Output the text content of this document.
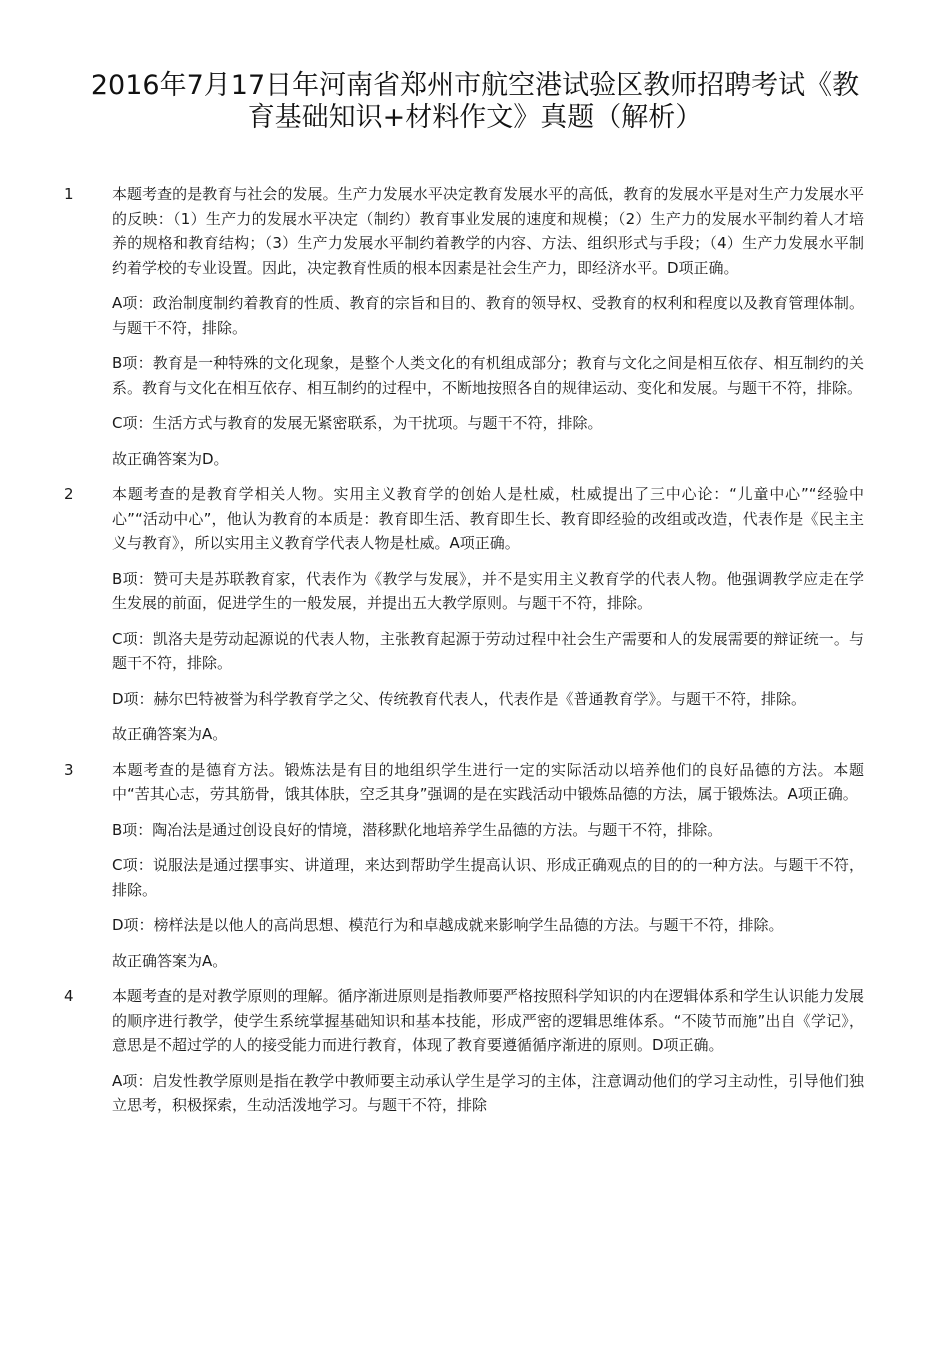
2016年7月17日年河南省郑州市航空港试验区教师招聘考试《教
育基础知识+材料作文》真题（解析）
1	本题考查的是教育与社会的发展。生产力发展水平决定教育发展水平的高低，教育的发展水平是对生产力发展水平的反映：（1）生产力的发展水平决定（制约）教育事业发展的速度和规模；（2）生产力的发展水平制约着人才培养的规格和教育结构；（3）生产力发展水平制约着教学的内容、方法、组织形式与手段；（4）生产力发展水平制约着学校的专业设置。因此，决定教育性质的根本因素是社会生产力，即经济水平。D项正确。

A项：政治制度制约着教育的性质、教育的宗旨和目的、教育的领导权、受教育的权利和程度以及教育管理体制。与题干不符，排除。

B项：教育是一种特殊的文化现象，是整个人类文化的有机组成部分；教育与文化之间是相互依存、相互制约的关系。教育与文化在相互依存、相互制约的过程中，不断地按照各自的规律运动、变化和发展。与题干不符，排除。

C项：生活方式与教育的发展无紧密联系，为干扰项。与题干不符，排除。

故正确答案为D。

2	本题考查的是教育学相关人物。实用主义教育学的创始人是杜威，杜威提出了三中心论：“儿童中心”“经验中心”“活动中心”，他认为教育的本质是：教育即生活、教育即生长、教育即经验的改组或改造，代表作是《民主主义与教育》，所以实用主义教育学代表人物是杜威。A项正确。

B项：赞可夫是苏联教育家，代表作为《教学与发展》，并不是实用主义教育学的代表人物。他强调教学应走在学生发展的前面，促进学生的一般发展，并提出五大教学原则。与题干不符，排除。

C项：凯洛夫是劳动起源说的代表人物，主张教育起源于劳动过程中社会生产需要和人的发展需要的辩证统一。与题干不符，排除。

D项：赫尔巴特被誉为科学教育学之父、传统教育代表人，代表作是《普通教育学》。与题干不符，排除。

故正确答案为A。

3	本题考查的是德育方法。锻炼法是有目的地组织学生进行一定的实际活动以培养他们的良好品德的方法。本题中“苦其心志，劳其筋骨，饿其体肤，空乏其身”强调的是在实践活动中锻炼品德的方法，属于锻炼法。A项正确。

B项：陶冶法是通过创设良好的情境，潜移默化地培养学生品德的方法。与题干不符，排除。

C项：说服法是通过摆事实、讲道理，来达到帮助学生提高认识、形成正确观点的目的的一种方法。与题干不符，排除。

D项：榜样法是以他人的高尚思想、模范行为和卓越成就来影响学生品德的方法。与题干不符，排除。

故正确答案为A。

4	本题考查的是对教学原则的理解。循序渐进原则是指教师要严格按照科学知识的内在逻辑体系和学生认识能力发展的顺序进行教学，使学生系统掌握基础知识和基本技能，形成严密的逻辑思维体系。“不陵节而施”出自《学记》，意思是不超过学的人的接受能力而进行教育，体现了教育要遵循循序渐进的原则。D项正确。

A项：启发性教学原则是指在教学中教师要主动承认学生是学习的主体，注意调动他们的学习主动性，引导他们独立思考，积极探索，生动活泼地学习。与题干不符，排除
